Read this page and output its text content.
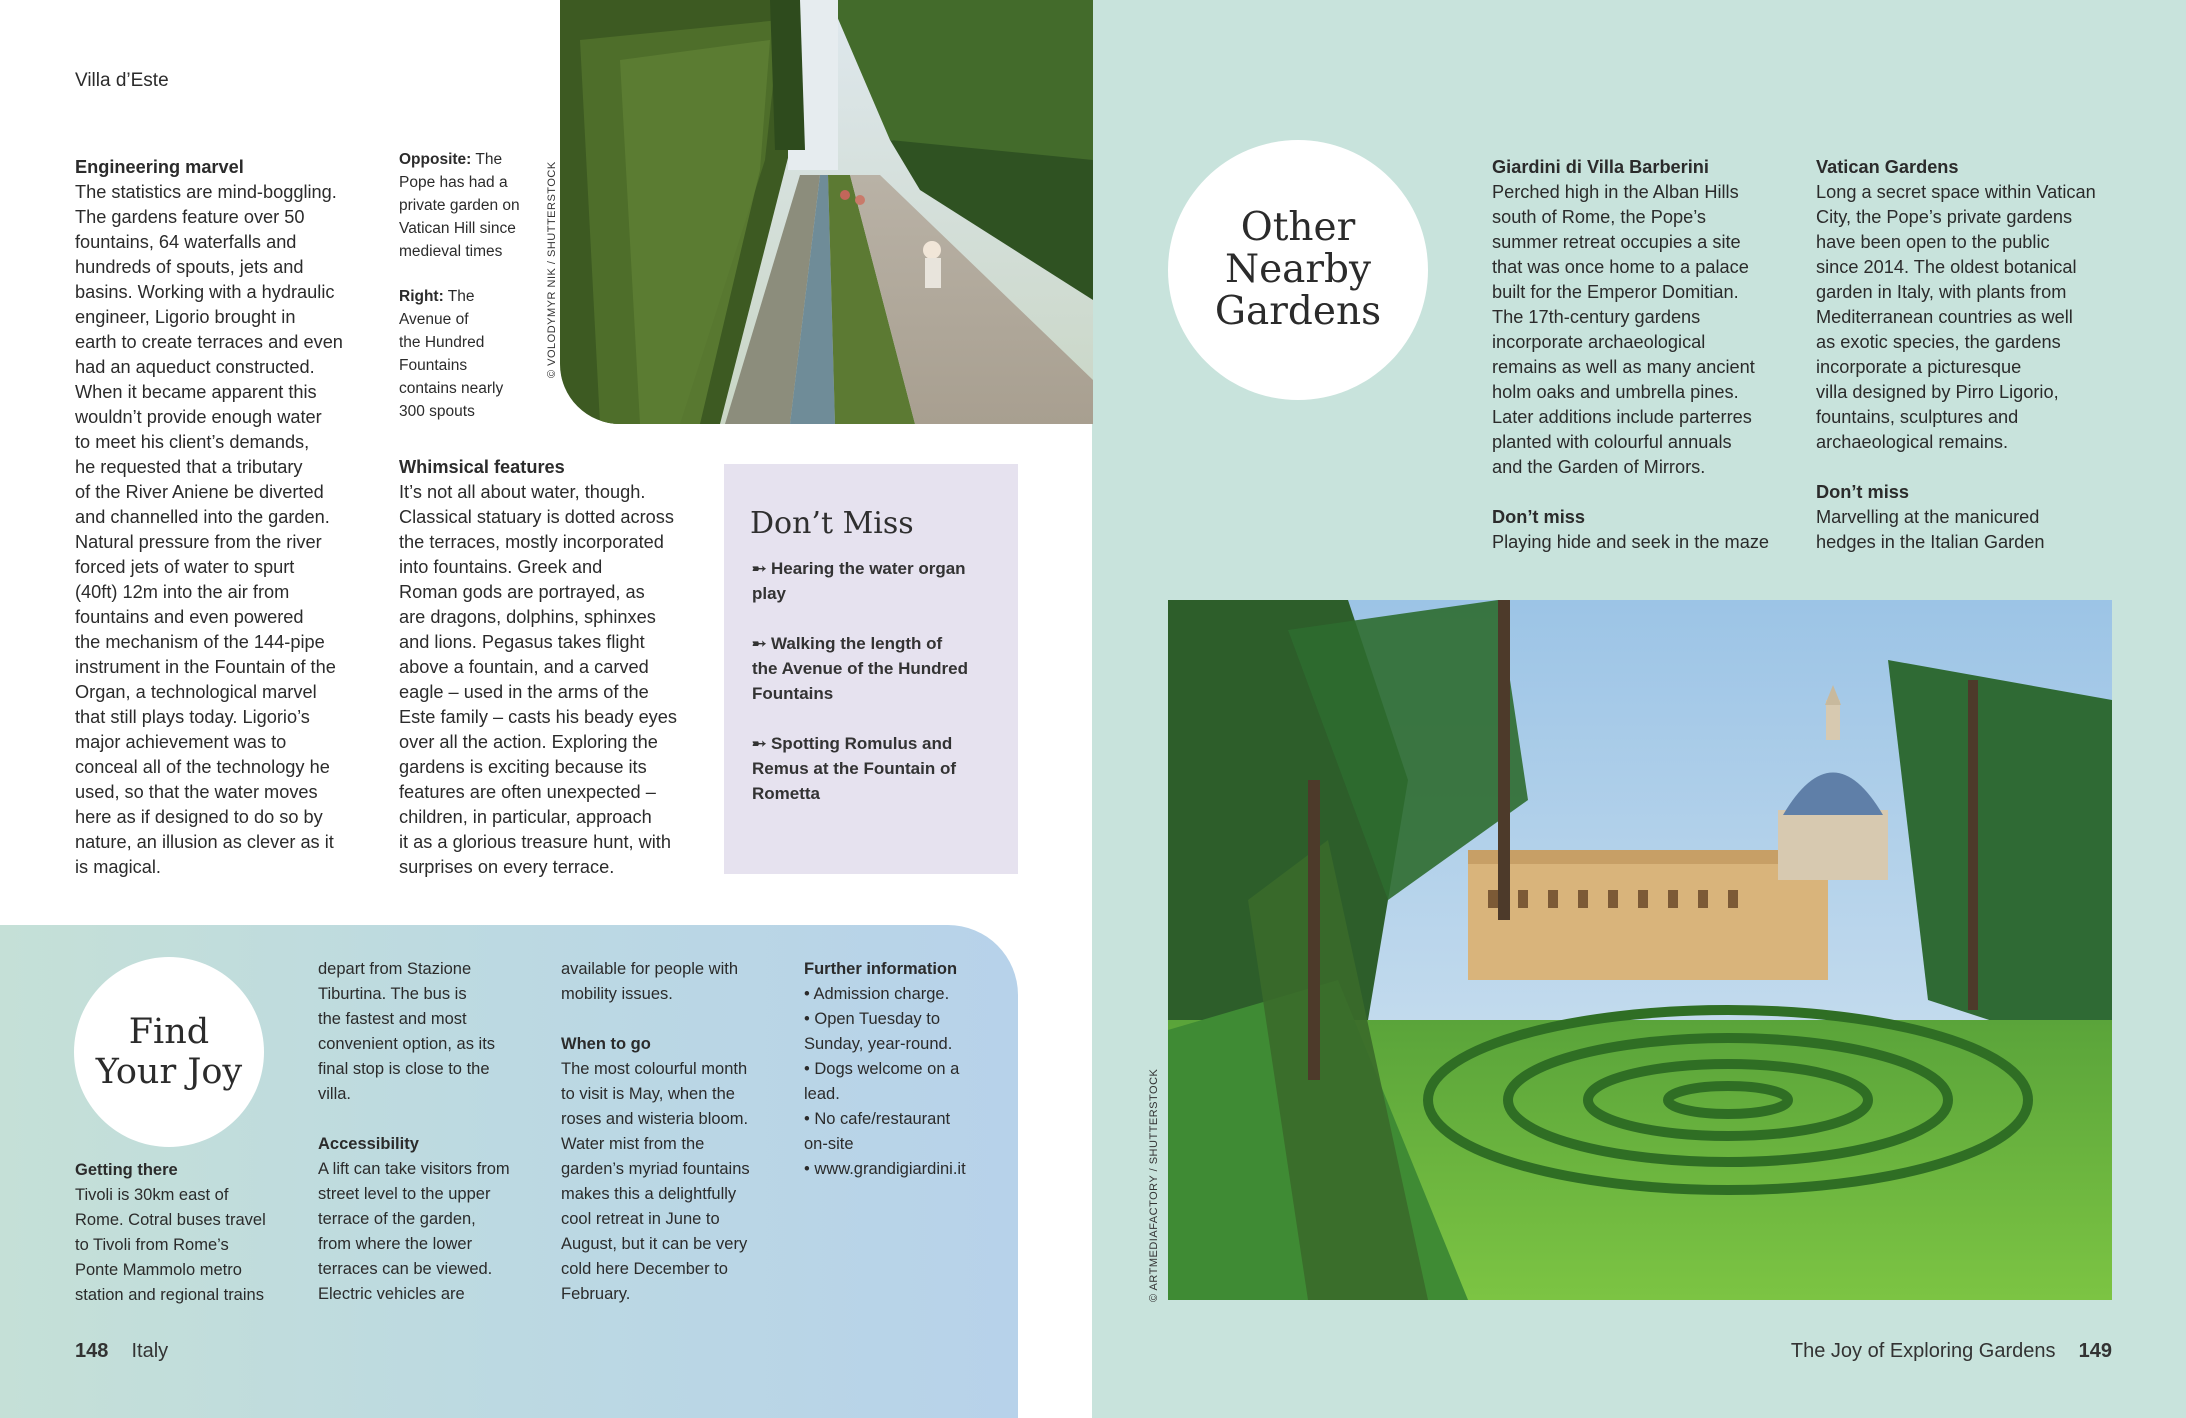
Villa d’Este
Engineering marvel
The statistics are mind-boggling.
The gardens feature over 50
fountains, 64 waterfalls and
hundreds of spouts, jets and
basins. Working with a hydraulic
engineer, Ligorio brought in
earth to create terraces and even
had an aqueduct constructed.
When it became apparent this
wouldn’t provide enough water
to meet his client’s demands,
he requested that a tributary
of the River Aniene be diverted
and channelled into the garden.
Natural pressure from the river
forced jets of water to spurt
(40ft) 12m into the air from
fountains and even powered
the mechanism of the 144-pipe
instrument in the Fountain of the
Organ, a technological marvel
that still plays today. Ligorio’s
major achievement was to
conceal all of the technology he
used, so that the water moves
here as if designed to do so by
nature, an illusion as clever as it
is magical.
Opposite: The
Pope has had a
private garden on
Vatican Hill since
medieval times
Right: The
Avenue of
the Hundred
Fountains
contains nearly
300 spouts
© VOLODYMYR NIK / SHUTTERSTOCK
Whimsical features
It’s not all about water, though.
Classical statuary is dotted across
the terraces, mostly incorporated
into fountains. Greek and
Roman gods are portrayed, as
are dragons, dolphins, sphinxes
and lions. Pegasus takes flight
above a fountain, and a carved
eagle – used in the arms of the
Este family – casts his beady eyes
over all the action. Exploring the
gardens is exciting because its
features are often unexpected –
children, in particular, approach
it as a glorious treasure hunt, with
surprises on every terrace.
Don’t Miss
➸ Hearing the water organ
play
➸ Walking the length of
the Avenue of the Hundred
Fountains
➸ Spotting Romulus and
Remus at the Fountain of
Rometta
Find
Your Joy
Getting there
Tivoli is 30km east of
Rome. Cotral buses travel
to Tivoli from Rome’s
Ponte Mammolo metro
station and regional trains
depart from Stazione
Tiburtina. The bus is
the fastest and most
convenient option, as its
final stop is close to the
villa.
Accessibility
A lift can take visitors from
street level to the upper
terrace of the garden,
from where the lower
terraces can be viewed.
Electric vehicles are
available for people with
mobility issues.
When to go
The most colourful month
to visit is May, when the
roses and wisteria bloom.
Water mist from the
garden’s myriad fountains
makes this a delightfully
cool retreat in June to
August, but it can be very
cold here December to
February.
Further information
• Admission charge.
• Open Tuesday to
Sunday, year-round.
• Dogs welcome on a
lead.
• No cafe/restaurant
on-site
• www.grandigiardini.it
148 Italy
Other
Nearby
Gardens
Giardini di Villa Barberini
Perched high in the Alban Hills
south of Rome, the Pope’s
summer retreat occupies a site
that was once home to a palace
built for the Emperor Domitian.
The 17th-century gardens
incorporate archaeological
remains as well as many ancient
holm oaks and umbrella pines.
Later additions include parterres
planted with colourful annuals
and the Garden of Mirrors.
Don’t miss
Playing hide and seek in the maze
Vatican Gardens
Long a secret space within Vatican
City, the Pope’s private gardens
have been open to the public
since 2014. The oldest botanical
garden in Italy, with plants from
Mediterranean countries as well
as exotic species, the gardens
incorporate a picturesque
villa designed by Pirro Ligorio,
fountains, sculptures and
archaeological remains.
Don’t miss
Marvelling at the manicured
hedges in the Italian Garden
© ARTMEDIAFACTORY / SHUTTERSTOCK
The Joy of Exploring Gardens 149
